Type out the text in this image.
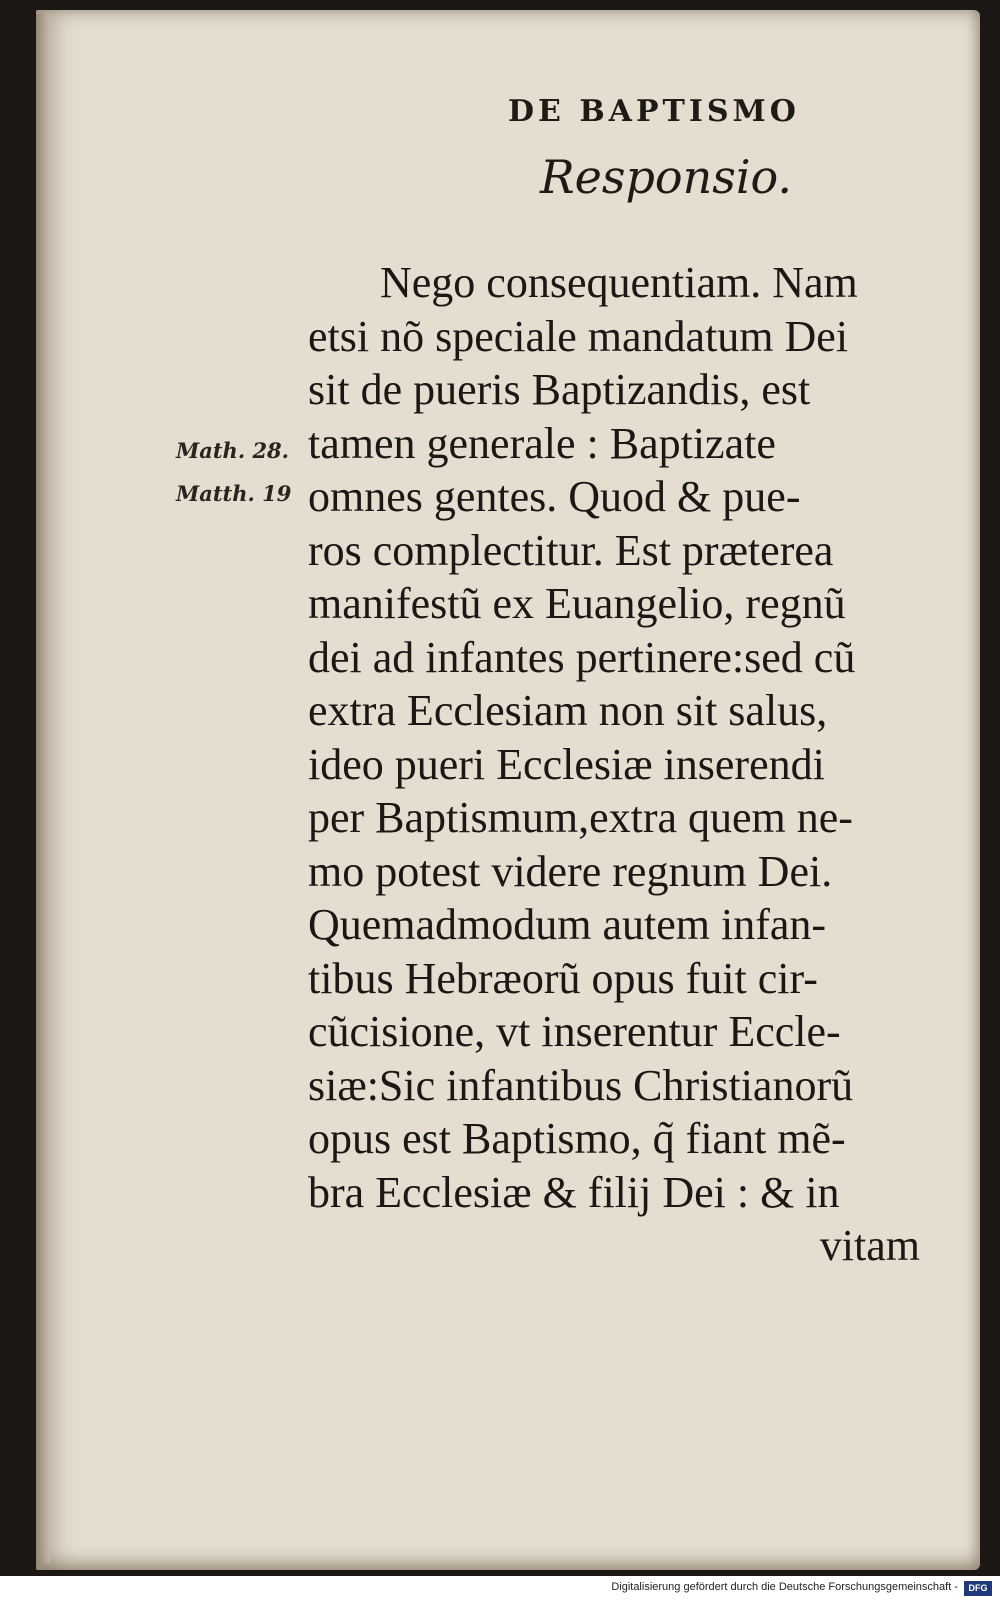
DE BAPTISMO
Responsio.
Math. 28.
Matth. 19
Nego consequentiam. Nam
etsi nõ speciale mandatum Dei
sit de pueris Baptizandis, est
tamen generale : Baptizate
omnes gentes. Quod & pue-
ros complectitur. Est præterea
manifestũ ex Euangelio, regnũ
dei ad infantes pertinere:sed cũ
extra Ecclesiam non sit salus,
ideo pueri Ecclesiæ inserendi
per Baptismum,extra quem ne-
mo potest videre regnum Dei.
Quemadmodum autem infan-
tibus Hebræorũ opus fuit cir-
cũcisione, vt inserentur Eccle-
siæ:Sic infantibus Christianorũ
opus est Baptismo, q̃ fiant mẽ-
bra Ecclesiæ & filij Dei : & in
vitam
Digitalisierung gefördert durch die Deutsche Forschungsgemeinschaft -	DFG
